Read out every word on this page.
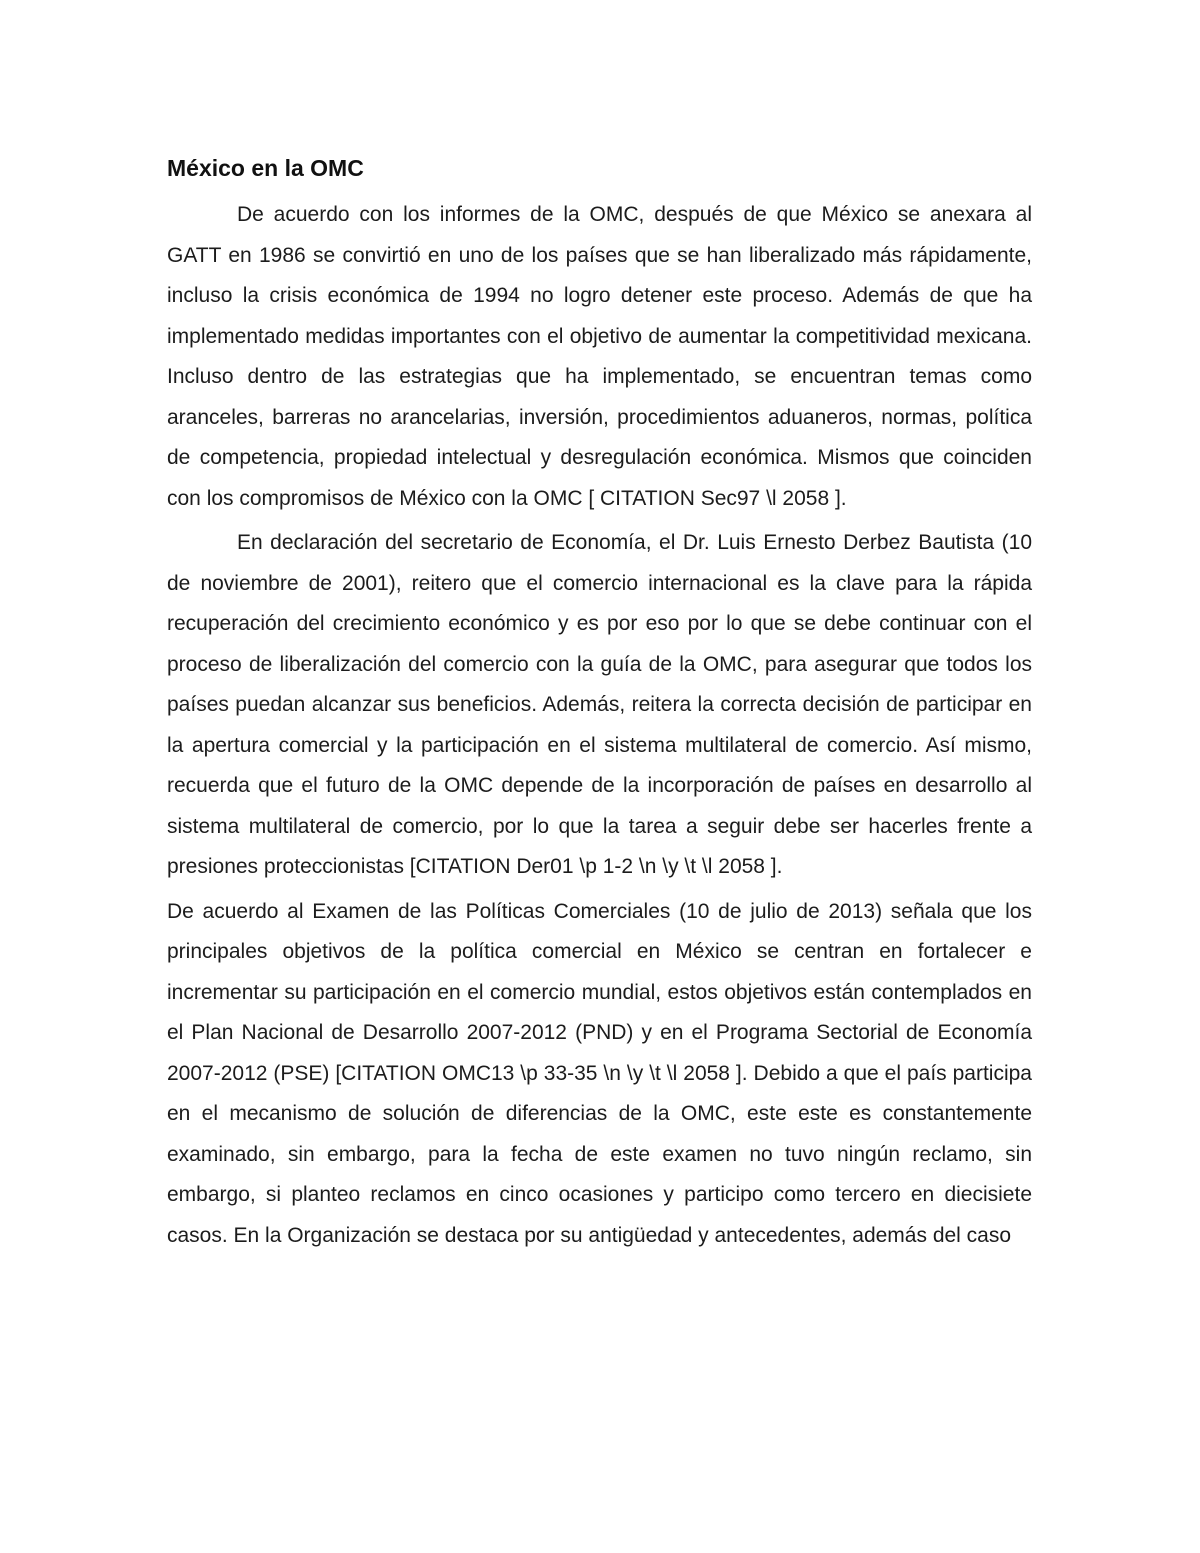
México en la OMC

De acuerdo con los informes de la OMC, después de que México se anexara al GATT en 1986 se convirtió en uno de los países que se han liberalizado más rápidamente, incluso la crisis económica de 1994 no logro detener este proceso. Además de que ha implementado medidas importantes con el objetivo de aumentar la competitividad mexicana. Incluso dentro de las estrategias que ha implementado, se encuentran temas como aranceles, barreras no arancelarias, inversión, procedimientos aduaneros, normas, política de competencia, propiedad intelectual y desregulación económica. Mismos que coinciden con los compromisos de México con la OMC [ CITATION Sec97 \l 2058 ].

En declaración del secretario de Economía, el Dr. Luis Ernesto Derbez Bautista (10 de noviembre de 2001), reitero que el comercio internacional es la clave para la rápida recuperación del crecimiento económico y es por eso por lo que se debe continuar con el proceso de liberalización del comercio con la guía de la OMC, para asegurar que todos los países puedan alcanzar sus beneficios. Además, reitera la correcta decisión de participar en la apertura comercial y la participación en el sistema multilateral de comercio. Así mismo, recuerda que el futuro de la OMC depende de la incorporación de países en desarrollo al sistema multilateral de comercio, por lo que la tarea a seguir debe ser hacerles frente a presiones proteccionistas [CITATION Der01 \p 1-2 \n \y \t \l 2058 ].

De acuerdo al Examen de las Políticas Comerciales (10 de julio de 2013) señala que los principales objetivos de la política comercial en México se centran en fortalecer e incrementar su participación en el comercio mundial, estos objetivos están contemplados en el Plan Nacional de Desarrollo 2007-2012 (PND) y en el Programa Sectorial de Economía 2007-2012 (PSE) [CITATION OMC13 \p 33-35 \n \y \t \l 2058 ]. Debido a que el país participa en el mecanismo de solución de diferencias de la OMC, este este es constantemente examinado, sin embargo, para la fecha de este examen no tuvo ningún reclamo, sin embargo, si planteo reclamos en cinco ocasiones y participo como tercero en diecisiete casos. En la Organización se destaca por su antigüedad y antecedentes, además del caso
